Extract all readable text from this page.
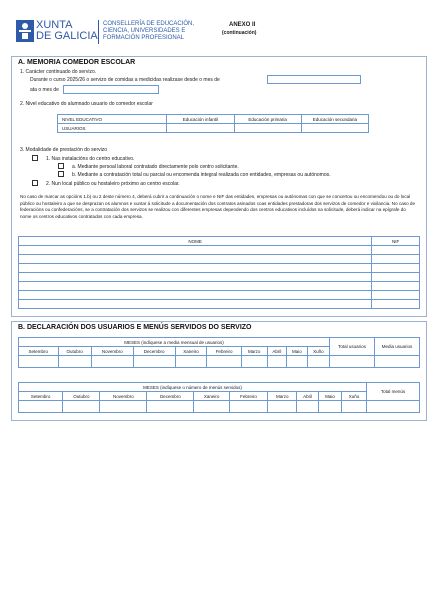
XUNTA
DE GALICIA
CONSELLERÍA DE EDUCACIÓN,
CIENCIA, UNIVERSIDADES E
FORMACIÓN PROFESIONAL
ANEXO II
(continuación)
A. MEMORIA COMEDOR ESCOLAR
1. Carácter continuado do servizo.
Durante o curso 2025/26 o servizo de comidas a medicidas realizase desde o mes de
ata o mes de
2. Nivel educativo do alumnado usuario do comedor escolar
NIVEL EDUCATIVO	Educación infantil	Educación primaria	Educación secundaria
USUARIOS			
3. Modalidade de prestación do servizo
1. Nas instalacións do centro educativo.
a. Mediante persoal laboral contratado directamente polo centro solicitante.
b. Mediante a contratación total ou parcial ou encomenda integral realizada con entidades, empresas ou autónomos.
2. Nun local público ou hostaleiro próximo ao centro escolar.
No caso de marcar as opcións 1.b) ou 2 deste número 4, deberá cubrir a continuación o nome e NIF das entidades, empresas ou autónomas con que se concertou ou encomendou ou do local público ou hostaleiro a que se desprazan os alumnos e xuntar á solicitude a documentación dos contratos asinados coas entidades prestadoras dos servizos de comedor e vixilancia. No caso de federacións ou confederacións, se a contratación dos servizos se realizou con diferentes empresas dependendo dos centros educativos incluídos na solicitude, deberá indicar na epígrafe do nome os centros educativos contratados con cada empresa.
NOME	NIF

B. DECLARACIÓN DOS USUARIOS E MENÚS SERVIDOS DO SERVIZO
MESES (indíquese a media mensual de usuarios)										Total usuarios	Media usuarios
Setembro	Outubro	Novembro	Decembro	Xaneiro	Febreiro	Marzo	Abril	Maio	Xuño		

MESES (indíquese o número de menús servidos)										Total menús
Setembro	Outubro	Novembro	Decembro	Xaneiro	Febreiro	Marzo	Abril	Maio	Xuño	
